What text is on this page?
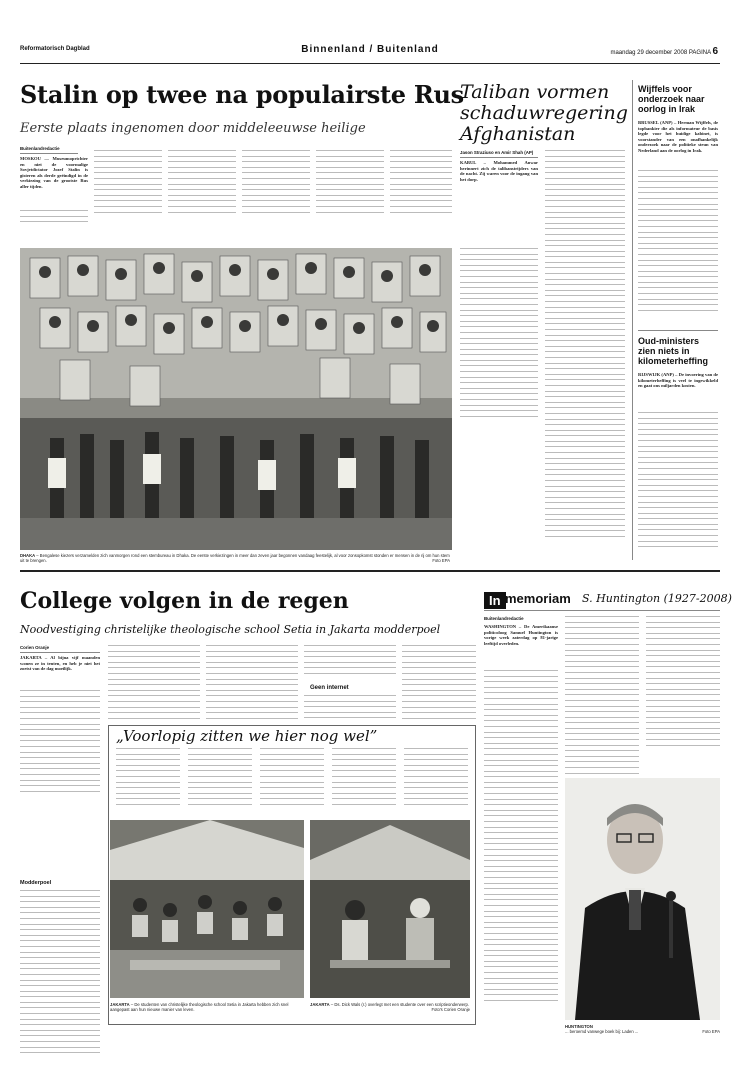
Reformatorisch Dagblad	Binnenland / Buitenland	maandag 29 december 2008 PAGINA 6
Stalin op twee na populairste Rus
Eerste plaats ingenomen door middeleeuwse heilige
Buitenlandredactie
MOSKOU — Museumoprichter en niet de voormalige Sovjetdictator Jozef Stalin is gisteren als derde geëindigd in de verkiezing van de grootste Rus aller tijden.
DHAKA – Bengalese kiezers verzamelden zich vanmorgen rond een stembureau in Dhaka. De eerste verkiezingen in meer dan zeven jaar begonnen vandaag feestelijk, al voor zonsopkomst stonden er mensen in de rij om hun stem uit te brengen.	Foto EPA
Taliban vormen schaduwregering Afghanistan
Jason Straziuso en Amir Shah (AP)
KABUL – Mohammed Anwar herinnert zich de talibanstrijders van de nacht. Zij waren voor de ingang van het dorp.
Wijffels voor onderzoek naar oorlog in Irak
BRUSSEL (ANP) – Herman Wijffels, de topbankier die als informateur de basis legde voor het huidige kabinet, is voorstander van een onafhankelijk onderzoek naar de politieke steun van Nederland aan de oorlog in Irak.
Oud-ministers zien niets in kilometerheffing
RIJSWIJK (ANP) – De invoering van de kilometerheffing is veel te ingewikkeld en gaat ons miljarden kosten.
College volgen in de regen
Noodvestiging christelijke theologische school Setia in Jakarta modderpoel
Corien Oranje
JAKARTA – Al bijna vijf maanden wonen ze in tenten, en heb je niet het zoetst van de dag moeilijk.
Modderpoel
Geen internet
„Voorlopig zitten we hier nog wel”
JAKARTA – De studenten van christelijke theologische school Setia in Jakarta hebben zich snel aangepast aan hun nieuwe manier van leven.
JAKARTA – Ds. Dick Wals (r.) overlegt met een studente over een scriptieonderwerp.
Foto's Corien Oranje
In memoriam S. Huntington (1927-2008)
Buitenlandredactie
WASHINGTON – De Amerikaanse politicoloog Samuel Huntington is vorige week zaterdag op 81-jarige leeftijd overleden.
HUNTINGTON
... beroemd vanwege boek bij: Laden ...	Foto EPA
